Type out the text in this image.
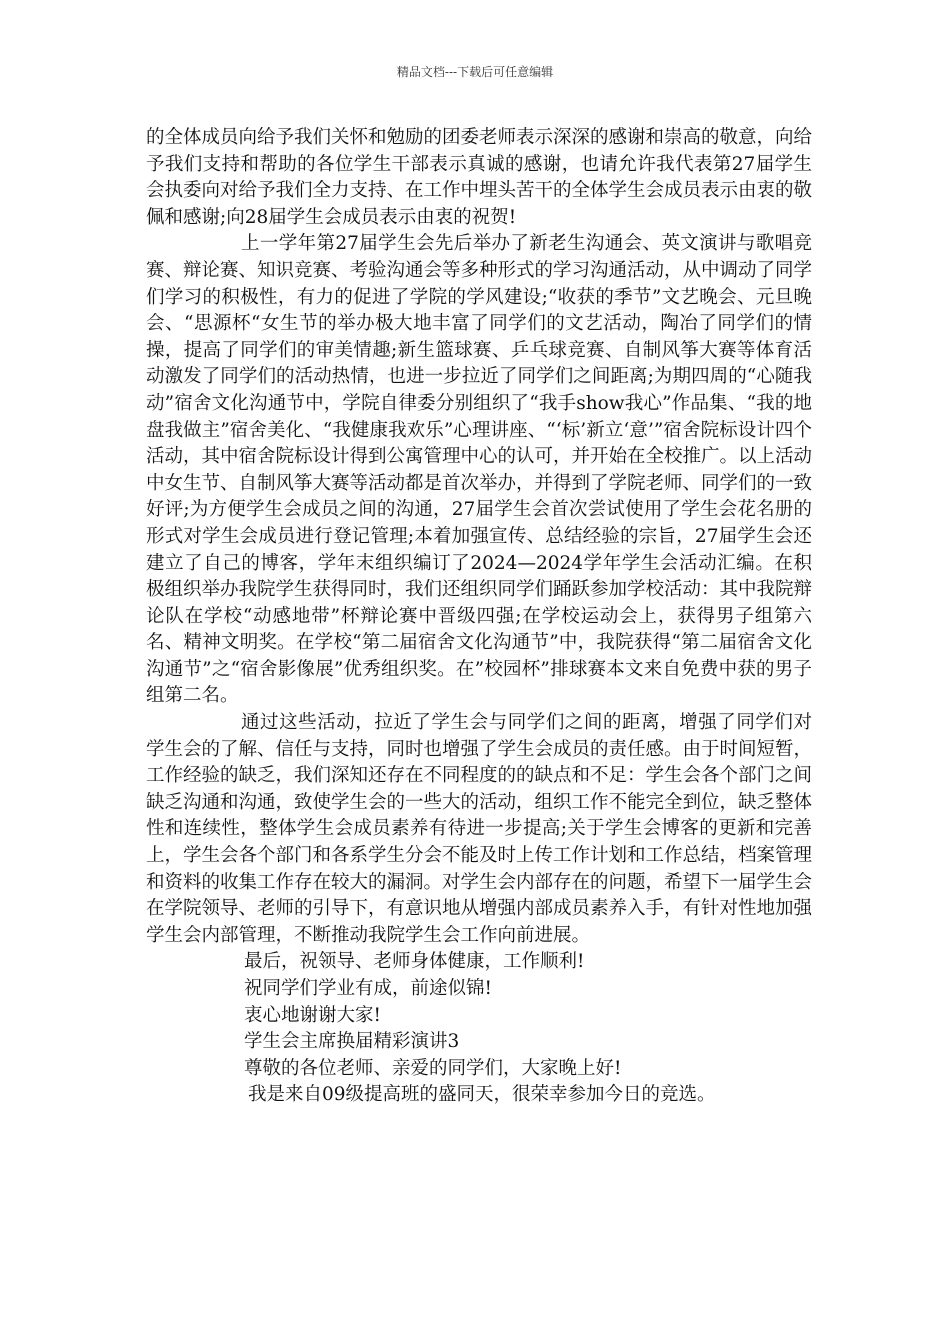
精品文档---下载后可任意编辑

的全体成员向给予我们关怀和勉励的团委老师表示深深的感谢和崇高的敬意，向给予我们支持和帮助的各位学生干部表示真诚的感谢，也请允许我代表第27届学生会执委向对给予我们全力支持、在工作中埋头苦干的全体学生会成员表示由衷的敬佩和感谢;向28届学生会成员表示由衷的祝贺!

上一学年第27届学生会先后举办了新老生沟通会、英文演讲与歌唱竞赛、辩论赛、知识竞赛、考验沟通会等多种形式的学习沟通活动，从中调动了同学们学习的积极性，有力的促进了学院的学风建设;“收获的季节”文艺晚会、元旦晚会、“思源杯“女生节的举办极大地丰富了同学们的文艺活动，陶冶了同学们的情操，提高了同学们的审美情趣;新生篮球赛、乒乓球竞赛、自制风筝大赛等体育活动激发了同学们的活动热情，也进一步拉近了同学们之间距离;为期四周的“心随我动”宿舍文化沟通节中，学院自律委分别组织了“我手show我心”作品集、“我的地盘我做主”宿舍美化、“我健康我欢乐”心理讲座、“‘标’新立‘意’”宿舍院标设计四个活动，其中宿舍院标设计得到公寓管理中心的认可，并开始在全校推广。以上活动中女生节、自制风筝大赛等活动都是首次举办，并得到了学院老师、同学们的一致好评;为方便学生会成员之间的沟通，27届学生会首次尝试使用了学生会花名册的形式对学生会成员进行登记管理;本着加强宣传、总结经验的宗旨，27届学生会还建立了自己的博客，学年末组织编订了2024—2024学年学生会活动汇编。在积极组织举办我院学生获得同时，我们还组织同学们踊跃参加学校活动：其中我院辩论队在学校“动感地带”杯辩论赛中晋级四强;在学校运动会上，获得男子组第六名、精神文明奖。在学校“第二届宿舍文化沟通节”中，我院获得“第二届宿舍文化沟通节”之“宿舍影像展”优秀组织奖。在”校园杯”排球赛本文来自免费中获的男子组第二名。

通过这些活动，拉近了学生会与同学们之间的距离，增强了同学们对学生会的了解、信任与支持，同时也增强了学生会成员的责任感。由于时间短暂，工作经验的缺乏，我们深知还存在不同程度的的缺点和不足：学生会各个部门之间缺乏沟通和沟通，致使学生会的一些大的活动，组织工作不能完全到位，缺乏整体性和连续性，整体学生会成员素养有待进一步提高;关于学生会博客的更新和完善上，学生会各个部门和各系学生分会不能及时上传工作计划和工作总结，档案管理和资料的收集工作存在较大的漏洞。对学生会内部存在的问题，希望下一届学生会在学院领导、老师的引导下，有意识地从增强内部成员素养入手，有针对性地加强学生会内部管理，不断推动我院学生会工作向前进展。

最后，祝领导、老师身体健康，工作顺利!

祝同学们学业有成，前途似锦!

衷心地谢谢大家!

学生会主席换届精彩演讲3

尊敬的各位老师、亲爱的同学们，大家晚上好!

我是来自09级提高班的盛同天，很荣幸参加今日的竞选。
